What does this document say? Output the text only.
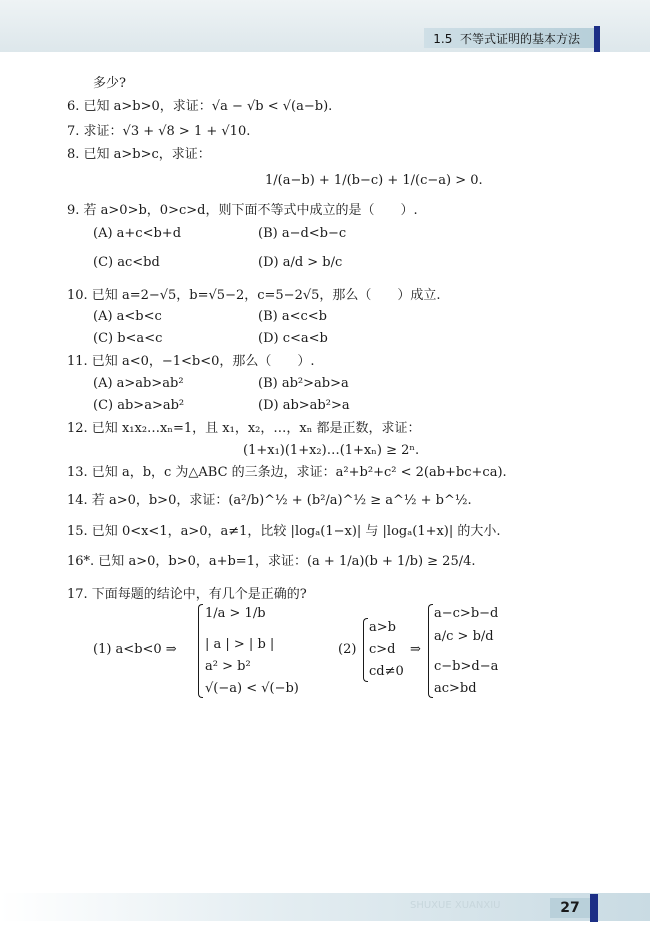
1.5 不等式证明的基本方法
多少?
6. 已知 a>b>0，求证：√a − √b < √(a−b).
7. 求证：√3 + √8 > 1 + √10.
8. 已知 a>b>c，求证：
1/(a−b) + 1/(b−c) + 1/(c−a) > 0.
9. 若 a>0>b，0>c>d，则下面不等式中成立的是（　　）.
(A) a+c<b+d	(B) a−d<b−c
(C) ac<bd	(D) a/d > b/c
10. 已知 a=2−√5，b=√5−2，c=5−2√5，那么（　　）成立.
(A) a<b<c	(B) a<c<b
(C) b<a<c	(D) c<a<b
11. 已知 a<0，−1<b<0，那么（　　）.
(A) a>ab>ab²	(B) ab²>ab>a
(C) ab>a>ab²	(D) ab>ab²>a
12. 已知 x₁x₂…xₙ=1，且 x₁，x₂，…，xₙ 都是正数，求证：
(1+x₁)(1+x₂)…(1+xₙ) ≥ 2ⁿ.
13. 已知 a，b，c 为△ABC 的三条边，求证：a²+b²+c² < 2(ab+bc+ca).
14. 若 a>0，b>0，求证：(a²/b)^½ + (b²/a)^½ ≥ a^½ + b^½.
15. 已知 0<x<1，a>0，a≠1，比较 |logₐ(1−x)| 与 |logₐ(1+x)| 的大小.
16*. 已知 a>0，b>0，a+b=1，求证：(a + 1/a)(b + 1/b) ≥ 25/4.
17. 下面每题的结论中，有几个是正确的?
(1) a<b<0 ⇒
1/a > 1/b
| a | > | b |
a² > b²
√(−a) < √(−b)
(2)
a>b
c>d
cd≠0
⇒
a−c>b−d
a/c > b/d
c−b>d−a
ac>bd
SHUXUE XUANXIU	27
